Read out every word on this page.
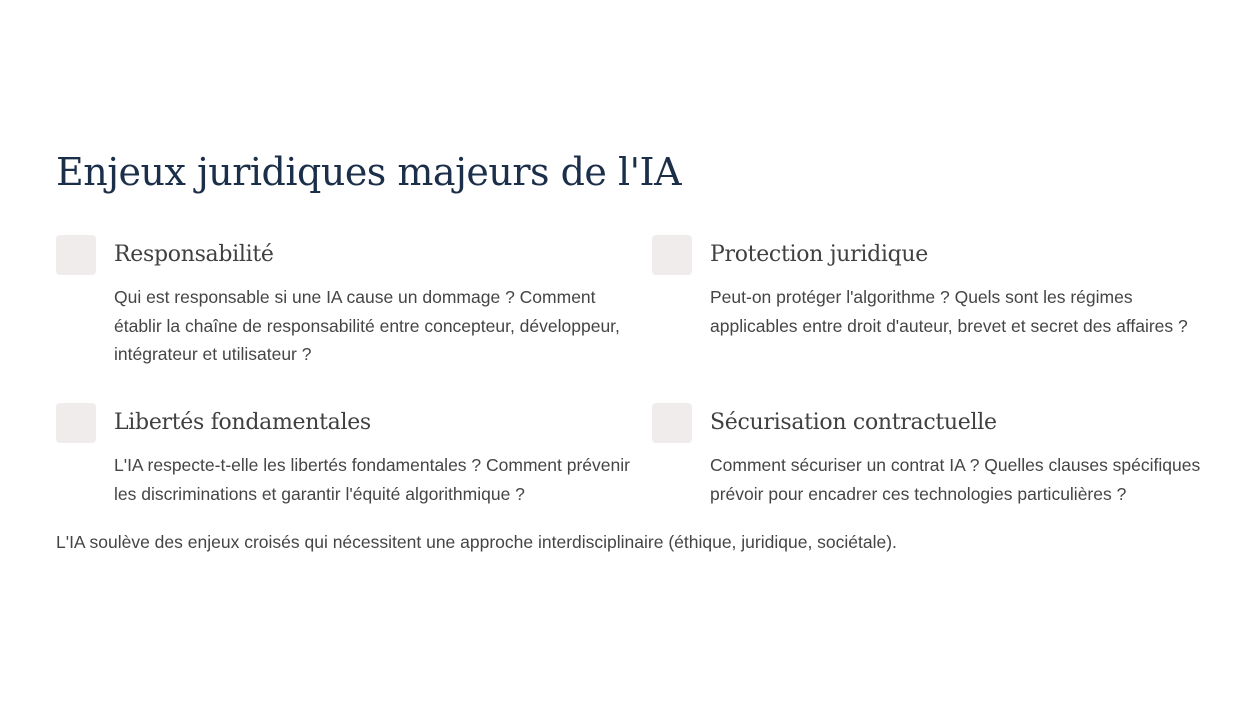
Enjeux juridiques majeurs de l'IA
Responsabilité

Qui est responsable si une IA cause un dommage ? Comment établir la chaîne de responsabilité entre concepteur, développeur, intégrateur et utilisateur ?

Protection juridique

Peut-on protéger l'algorithme ? Quels sont les régimes applicables entre droit d'auteur, brevet et secret des affaires ?

Libertés fondamentales

L'IA respecte-t-elle les libertés fondamentales ? Comment prévenir les discriminations et garantir l'équité algorithmique ?

Sécurisation contractuelle

Comment sécuriser un contrat IA ? Quelles clauses spécifiques prévoir pour encadrer ces technologies particulières ?

L'IA soulève des enjeux croisés qui nécessitent une approche interdisciplinaire (éthique, juridique, sociétale).
